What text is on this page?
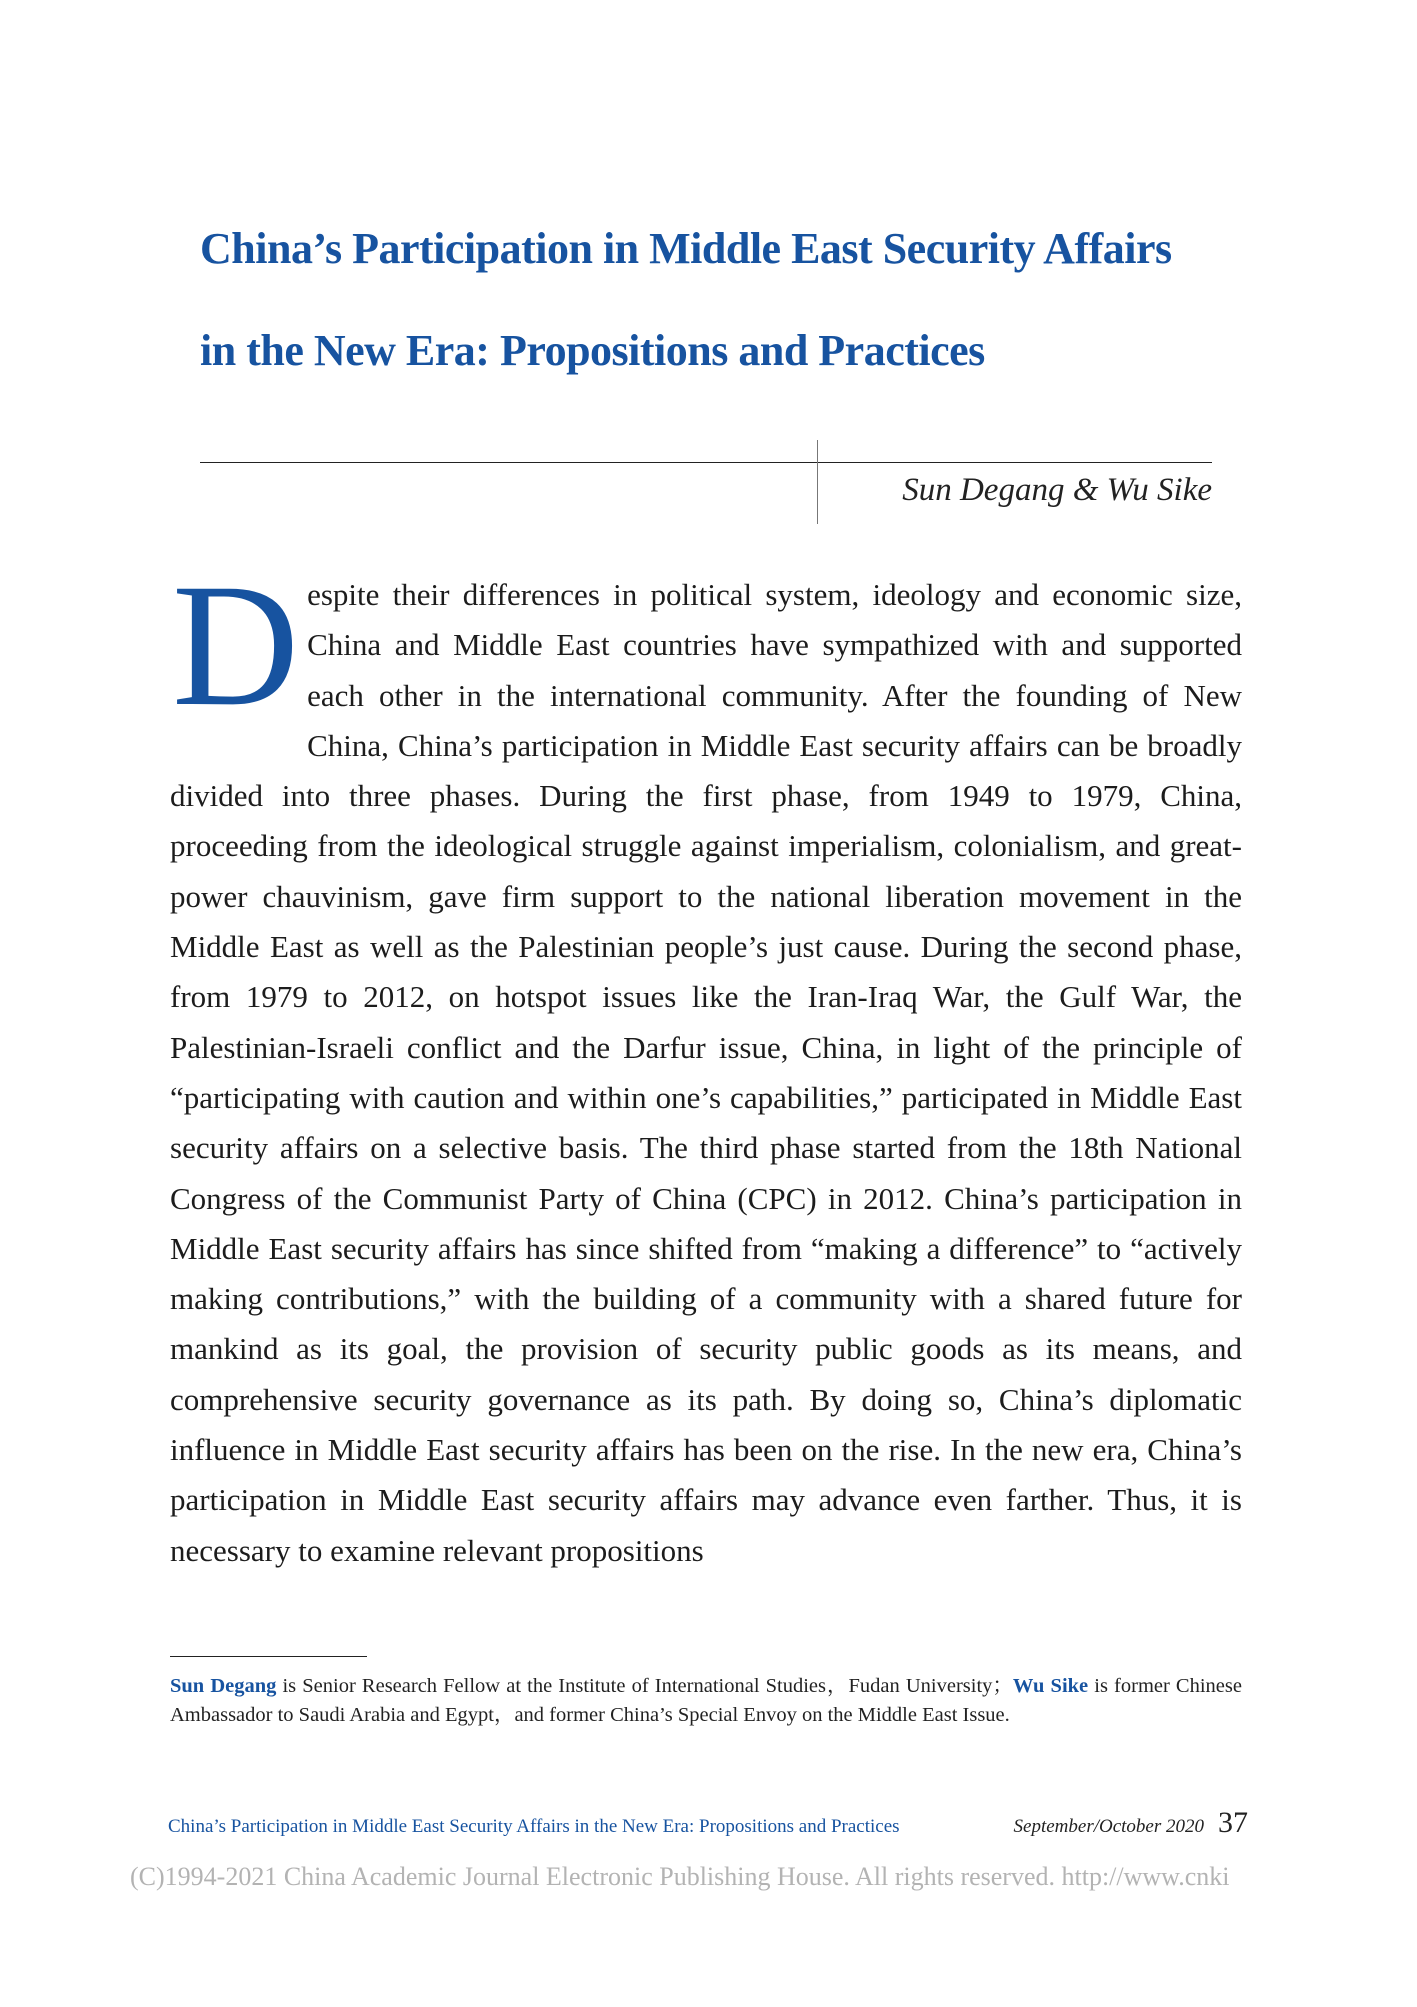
China’s Participation in Middle East Security Affairs
in the New Era: Propositions and Practices
Sun Degang & Wu Sike
D espite their differences in political system, ideology and economic size, China and Middle East countries have sympathized with and supported each other in the international community. After the founding of New China, China’s participation in Middle East security affairs can be broadly divided into three phases. During the first phase, from 1949 to 1979, China, proceeding from the ideological struggle against imperialism, colonialism, and great-power chauvinism, gave firm support to the national liberation movement in the Middle East as well as the Palestinian people’s just cause. During the second phase, from 1979 to 2012, on hotspot issues like the Iran-Iraq War, the Gulf War, the Palestinian-Israeli conflict and the Darfur issue, China, in light of the principle of “participating with caution and within one’s capabilities,” participated in Middle East security affairs on a selective basis. The third phase started from the 18th National Congress of the Communist Party of China (CPC) in 2012. China’s participation in Middle East security affairs has since shifted from “making a difference” to “actively making contributions,” with the building of a community with a shared future for mankind as its goal, the provision of security public goods as its means, and comprehensive security governance as its path. By doing so, China’s diplomatic influence in Middle East security affairs has been on the rise. In the new era, China’s participation in Middle East security affairs may advance even farther. Thus, it is necessary to examine relevant propositions
Sun Degang is Senior Research Fellow at the Institute of International Studies，Fudan University；Wu Sike is former Chinese Ambassador to Saudi Arabia and Egypt，and former China’s Special Envoy on the Middle East Issue.
China’s Participation in Middle East Security Affairs in the New Era: Propositions and Practices	September/October 2020 37
(C)1994-2021 China Academic Journal Electronic Publishing House. All rights reserved. http://www.cnki
